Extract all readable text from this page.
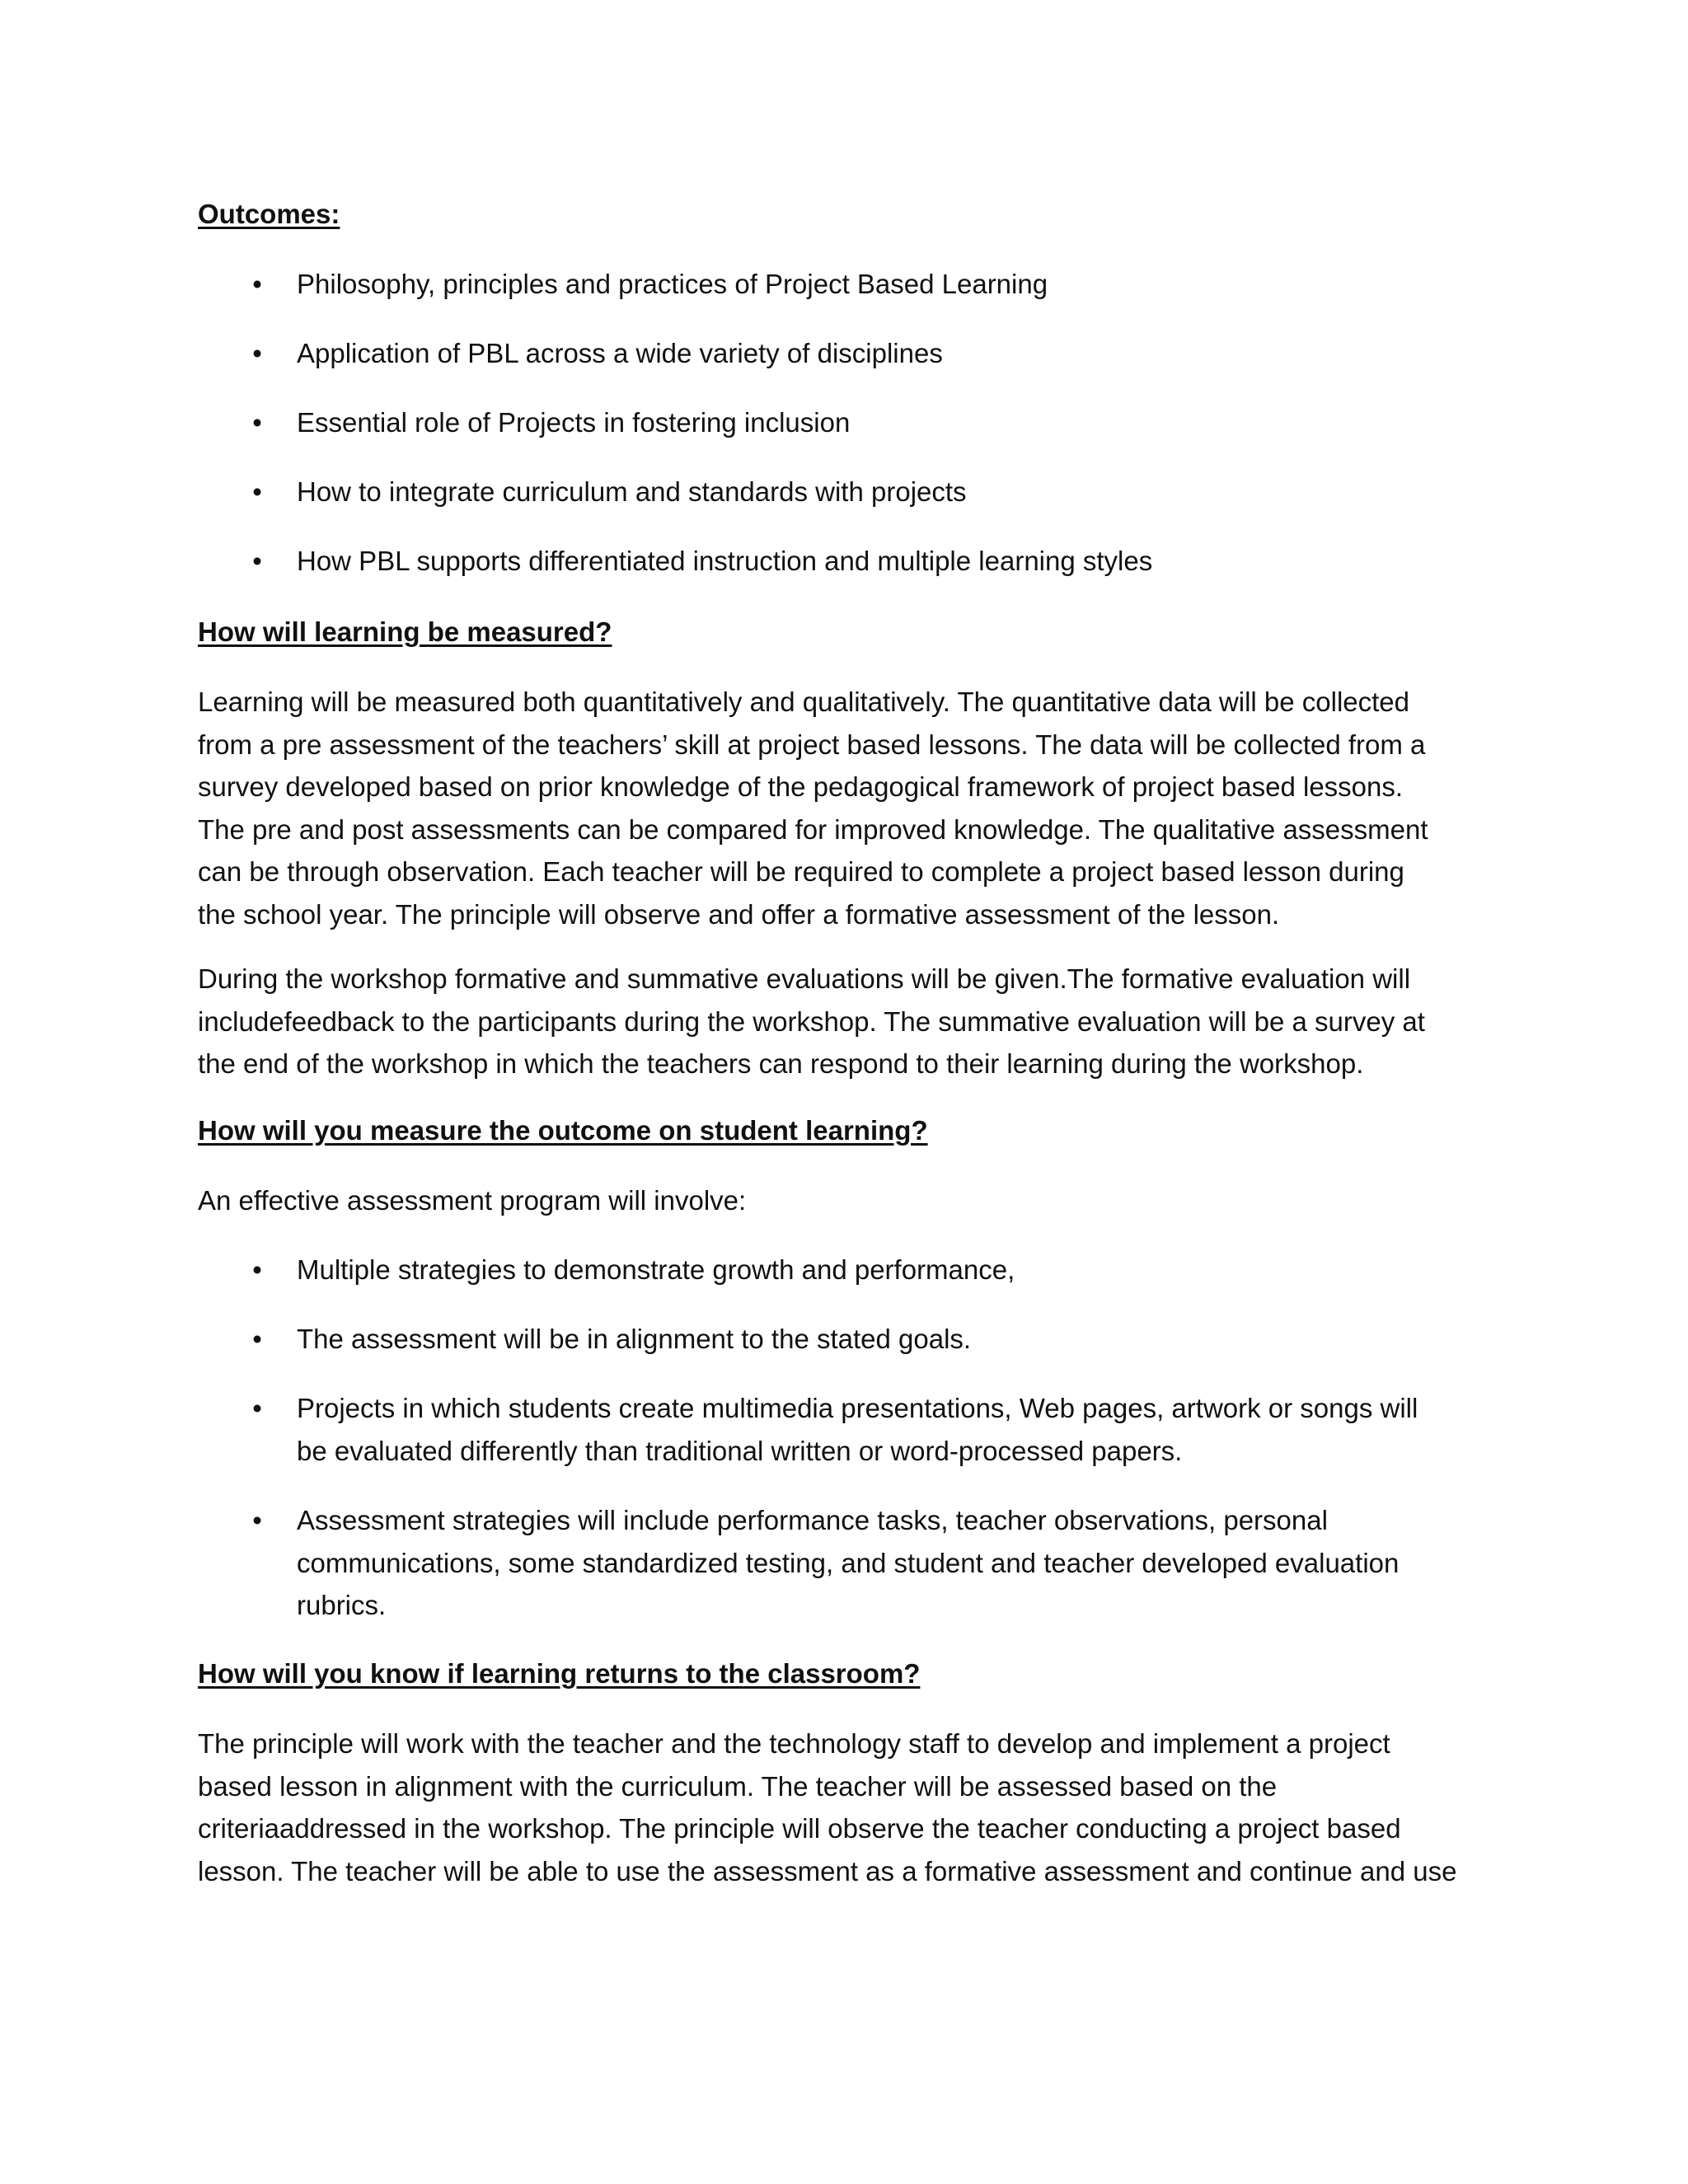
Outcomes:
• Philosophy, principles and practices of Project Based Learning
• Application of PBL across a wide variety of disciplines
• Essential role of Projects in fostering inclusion
• How to integrate curriculum and standards with projects
• How PBL supports differentiated instruction and multiple learning styles
How will learning be measured?

Learning will be measured both quantitatively and qualitatively. The quantitative data will be collected
from a pre assessment of the teachers’ skill at project based lessons. The data will be collected from a
survey developed based on prior knowledge of the pedagogical framework of project based lessons.
The pre and post assessments can be compared for improved knowledge. The qualitative assessment
can be through observation. Each teacher will be required to complete a project based lesson during
the school year. The principle will observe and offer a formative assessment of the lesson.

During the workshop formative and summative evaluations will be given.The formative evaluation will
includefeedback to the participants during the workshop. The summative evaluation will be a survey at
the end of the workshop in which the teachers can respond to their learning during the workshop.

How will you measure the outcome on student learning?

An effective assessment program will involve:

• Multiple strategies to demonstrate growth and performance,
• The assessment will be in alignment to the stated goals.
• Projects in which students create multimedia presentations, Web pages, artwork or songs will
be evaluated differently than traditional written or word-processed papers.
• Assessment strategies will include performance tasks, teacher observations, personal
communications, some standardized testing, and student and teacher developed evaluation
rubrics.
How will you know if learning returns to the classroom?

The principle will work with the teacher and the technology staff to develop and implement a project
based lesson in alignment with the curriculum. The teacher will be assessed based on the
criteriaaddressed in the workshop. The principle will observe the teacher conducting a project based
lesson. The teacher will be able to use the assessment as a formative assessment and continue and use
